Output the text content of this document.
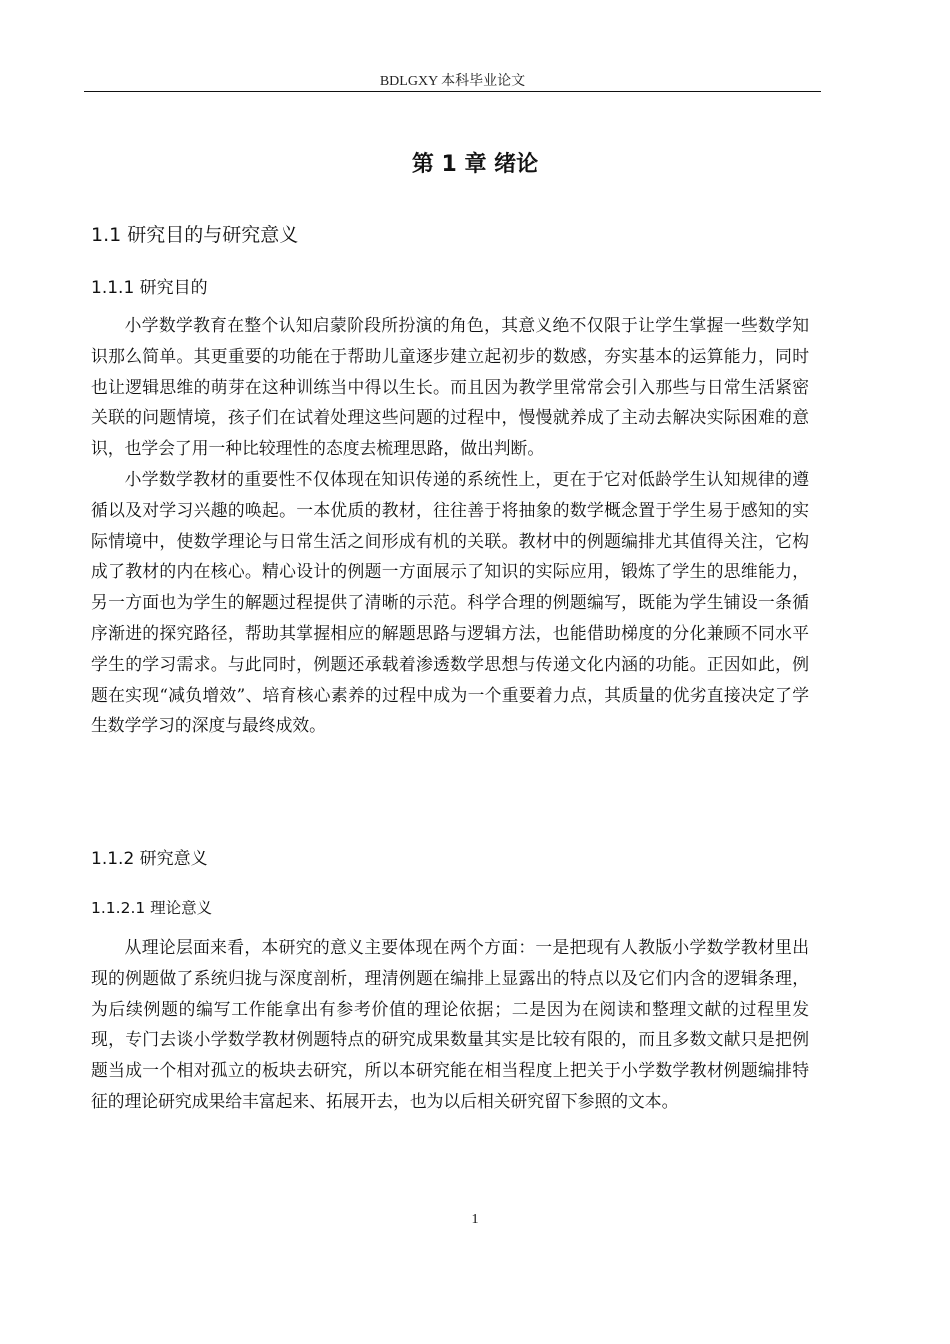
BDLGXY 本科毕业论文
第 1 章 绪论
1.1 研究目的与研究意义
1.1.1 研究目的

小学数学教育在整个认知启蒙阶段所扮演的角色，其意义绝不仅限于让学生掌握一些数学知识那么简单。其更重要的功能在于帮助儿童逐步建立起初步的数感，夯实基本的运算能力，同时也让逻辑思维的萌芽在这种训练当中得以生长。而且因为教学里常常会引入那些与日常生活紧密关联的问题情境，孩子们在试着处理这些问题的过程中，慢慢就养成了主动去解决实际困难的意识，也学会了用一种比较理性的态度去梳理思路，做出判断。

小学数学教材的重要性不仅体现在知识传递的系统性上，更在于它对低龄学生认知规律的遵循以及对学习兴趣的唤起。一本优质的教材，往往善于将抽象的数学概念置于学生易于感知的实际情境中，使数学理论与日常生活之间形成有机的关联。教材中的例题编排尤其值得关注，它构成了教材的内在核心。精心设计的例题一方面展示了知识的实际应用，锻炼了学生的思维能力，另一方面也为学生的解题过程提供了清晰的示范。科学合理的例题编写，既能为学生铺设一条循序渐进的探究路径，帮助其掌握相应的解题思路与逻辑方法，也能借助梯度的分化兼顾不同水平学生的学习需求。与此同时，例题还承载着渗透数学思想与传递文化内涵的功能。正因如此，例题在实现“减负增效”、培育核心素养的过程中成为一个重要着力点，其质量的优劣直接决定了学生数学学习的深度与最终成效。

1.1.2 研究意义
1.1.2.1 理论意义

从理论层面来看，本研究的意义主要体现在两个方面：一是把现有人教版小学数学教材里出现的例题做了系统归拢与深度剖析，理清例题在编排上显露出的特点以及它们内含的逻辑条理，为后续例题的编写工作能拿出有参考价值的理论依据；二是因为在阅读和整理文献的过程里发现，专门去谈小学数学教材例题特点的研究成果数量其实是比较有限的，而且多数文献只是把例题当成一个相对孤立的板块去研究，所以本研究能在相当程度上把关于小学数学教材例题编排特征的理论研究成果给丰富起来、拓展开去，也为以后相关研究留下参照的文本。

1
